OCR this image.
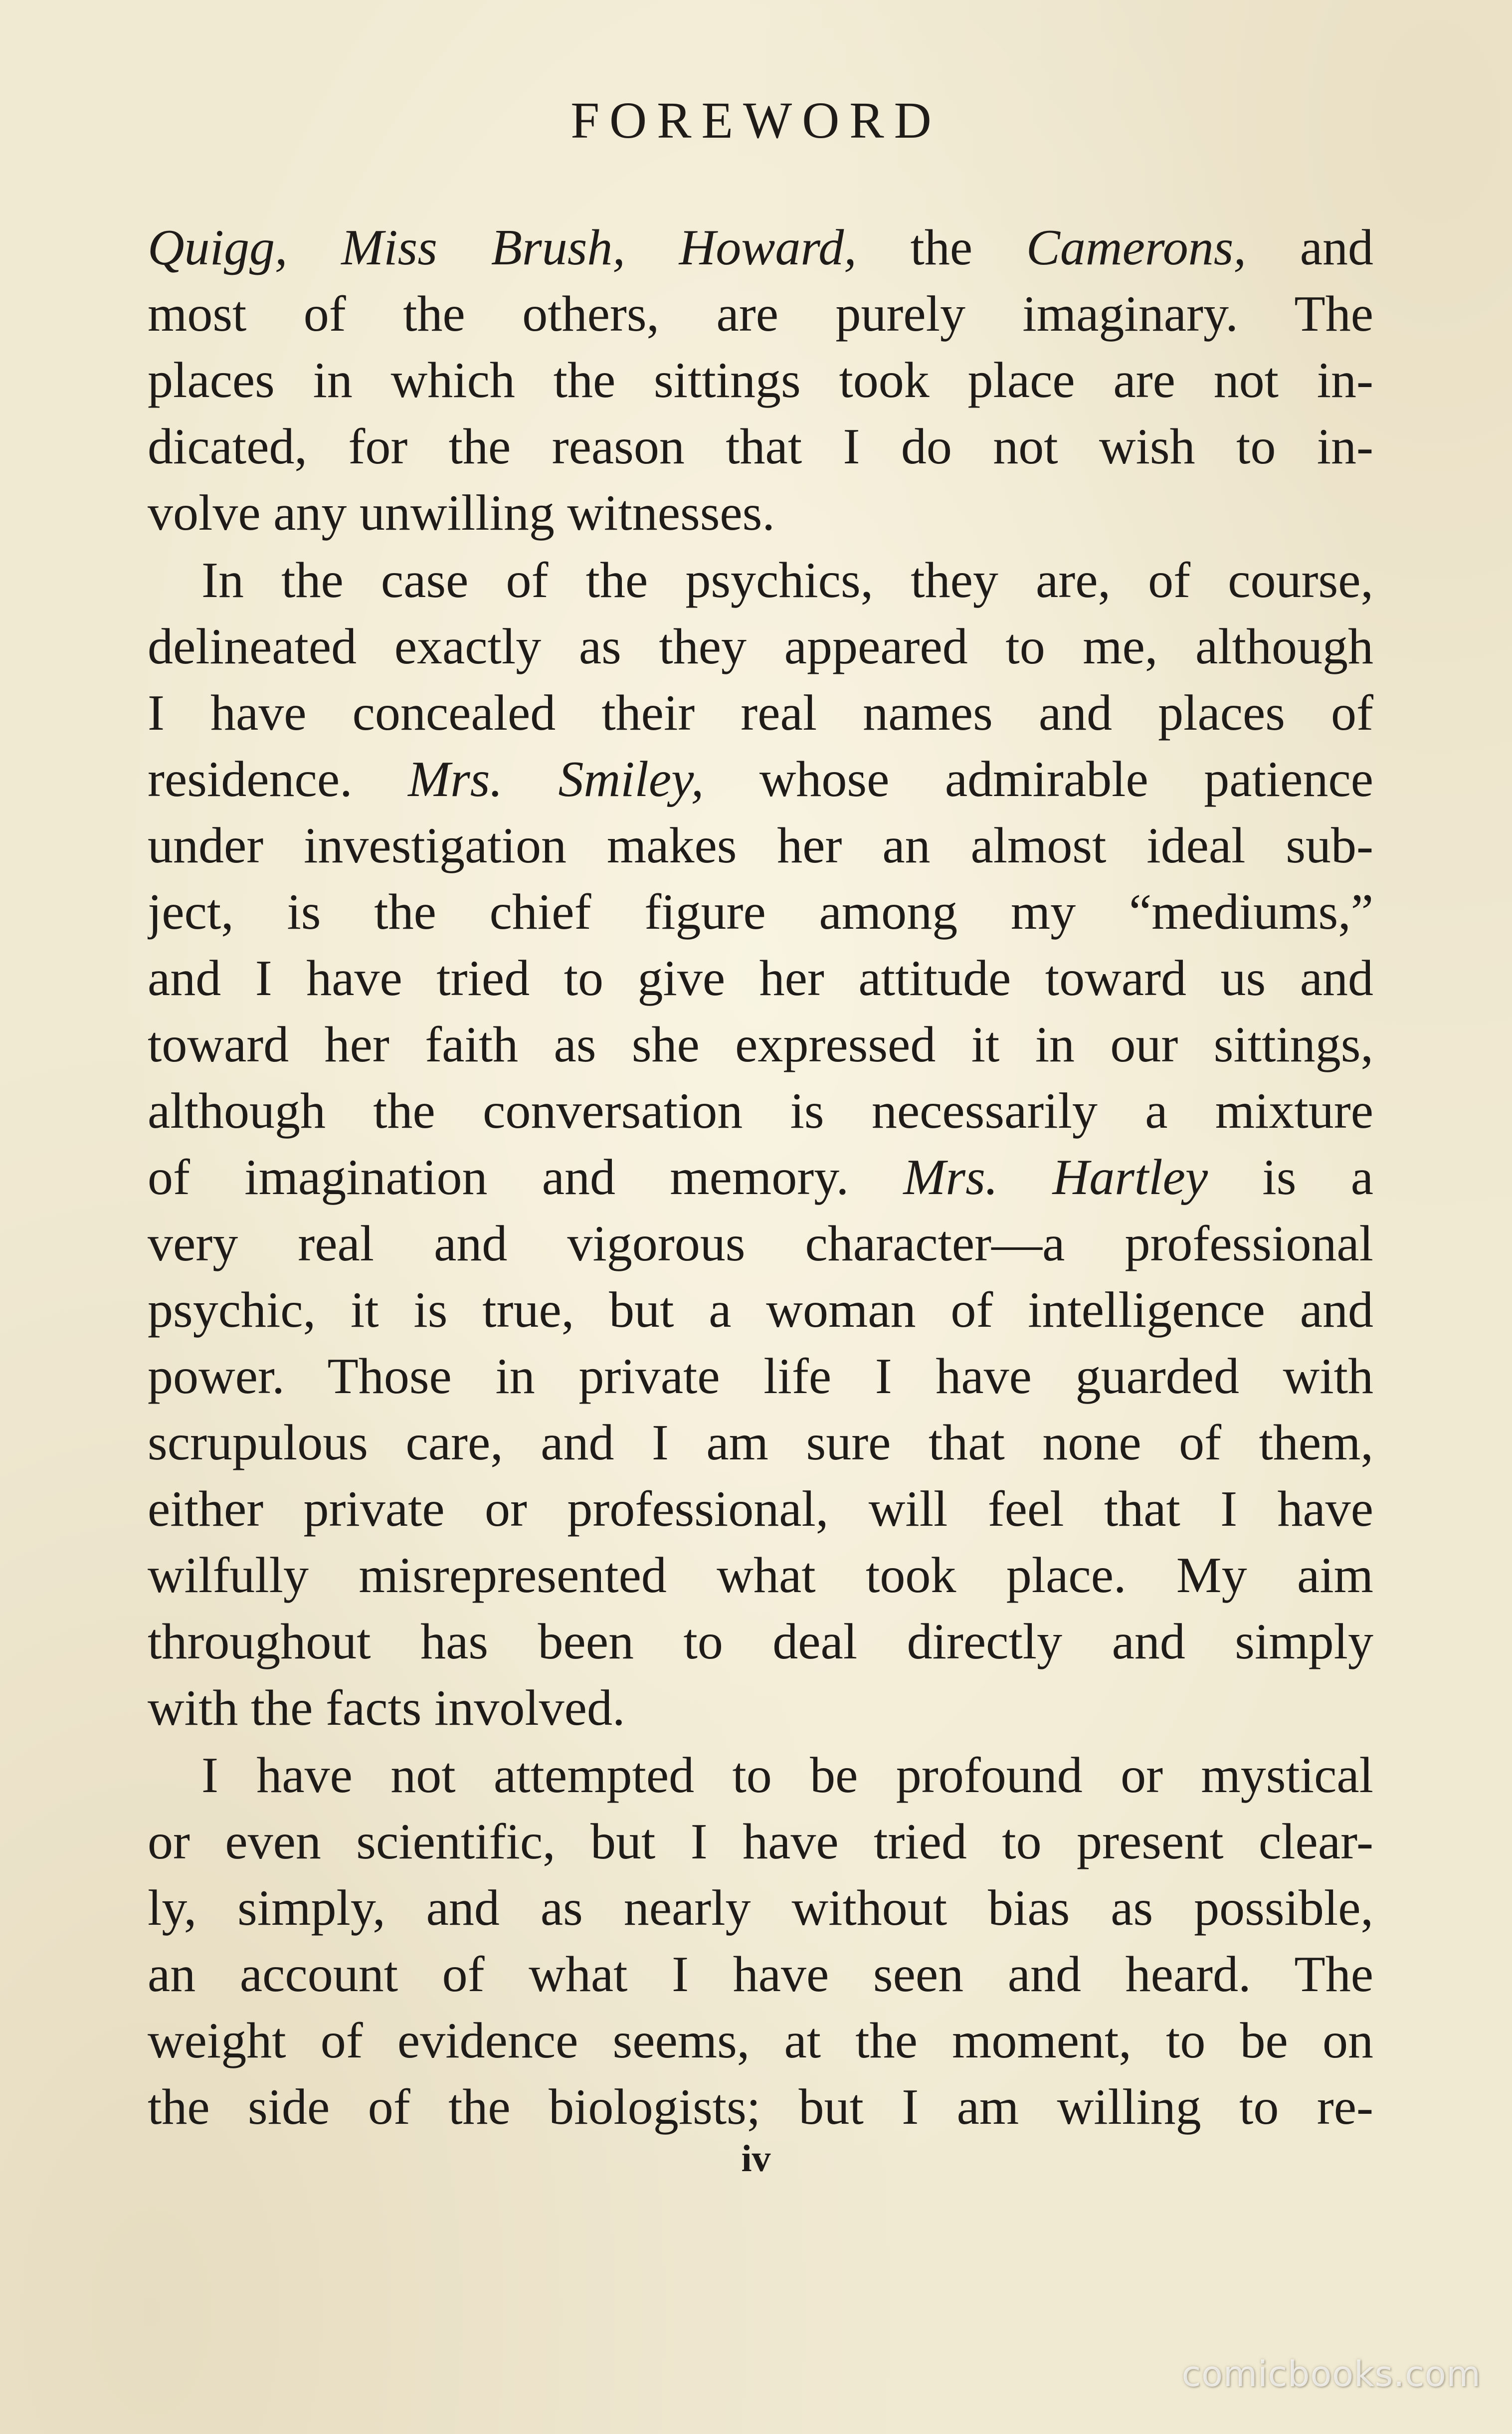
FOREWORD
Quigg, Miss Brush, Howard, the Camerons, and
most of the others, are purely imaginary. The
places in which the sittings took place are not in-
dicated, for the reason that I do not wish to in-
volve any unwilling witnesses.
In the case of the psychics, they are, of course,
delineated exactly as they appeared to me, although
I have concealed their real names and places of
residence. Mrs. Smiley, whose admirable patience
under investigation makes her an almost ideal sub-
ject, is the chief figure among my “mediums,”
and I have tried to give her attitude toward us and
toward her faith as she expressed it in our sittings,
although the conversation is necessarily a mixture
of imagination and memory. Mrs. Hartley is a
very real and vigorous character—a professional
psychic, it is true, but a woman of intelligence and
power. Those in private life I have guarded with
scrupulous care, and I am sure that none of them,
either private or professional, will feel that I have
wilfully misrepresented what took place. My aim
throughout has been to deal directly and simply
with the facts involved.
I have not attempted to be profound or mystical
or even scientific, but I have tried to present clear-
ly, simply, and as nearly without bias as possible,
an account of what I have seen and heard. The
weight of evidence seems, at the moment, to be on
the side of the biologists; but I am willing to re-
iv
comicbooks.com
